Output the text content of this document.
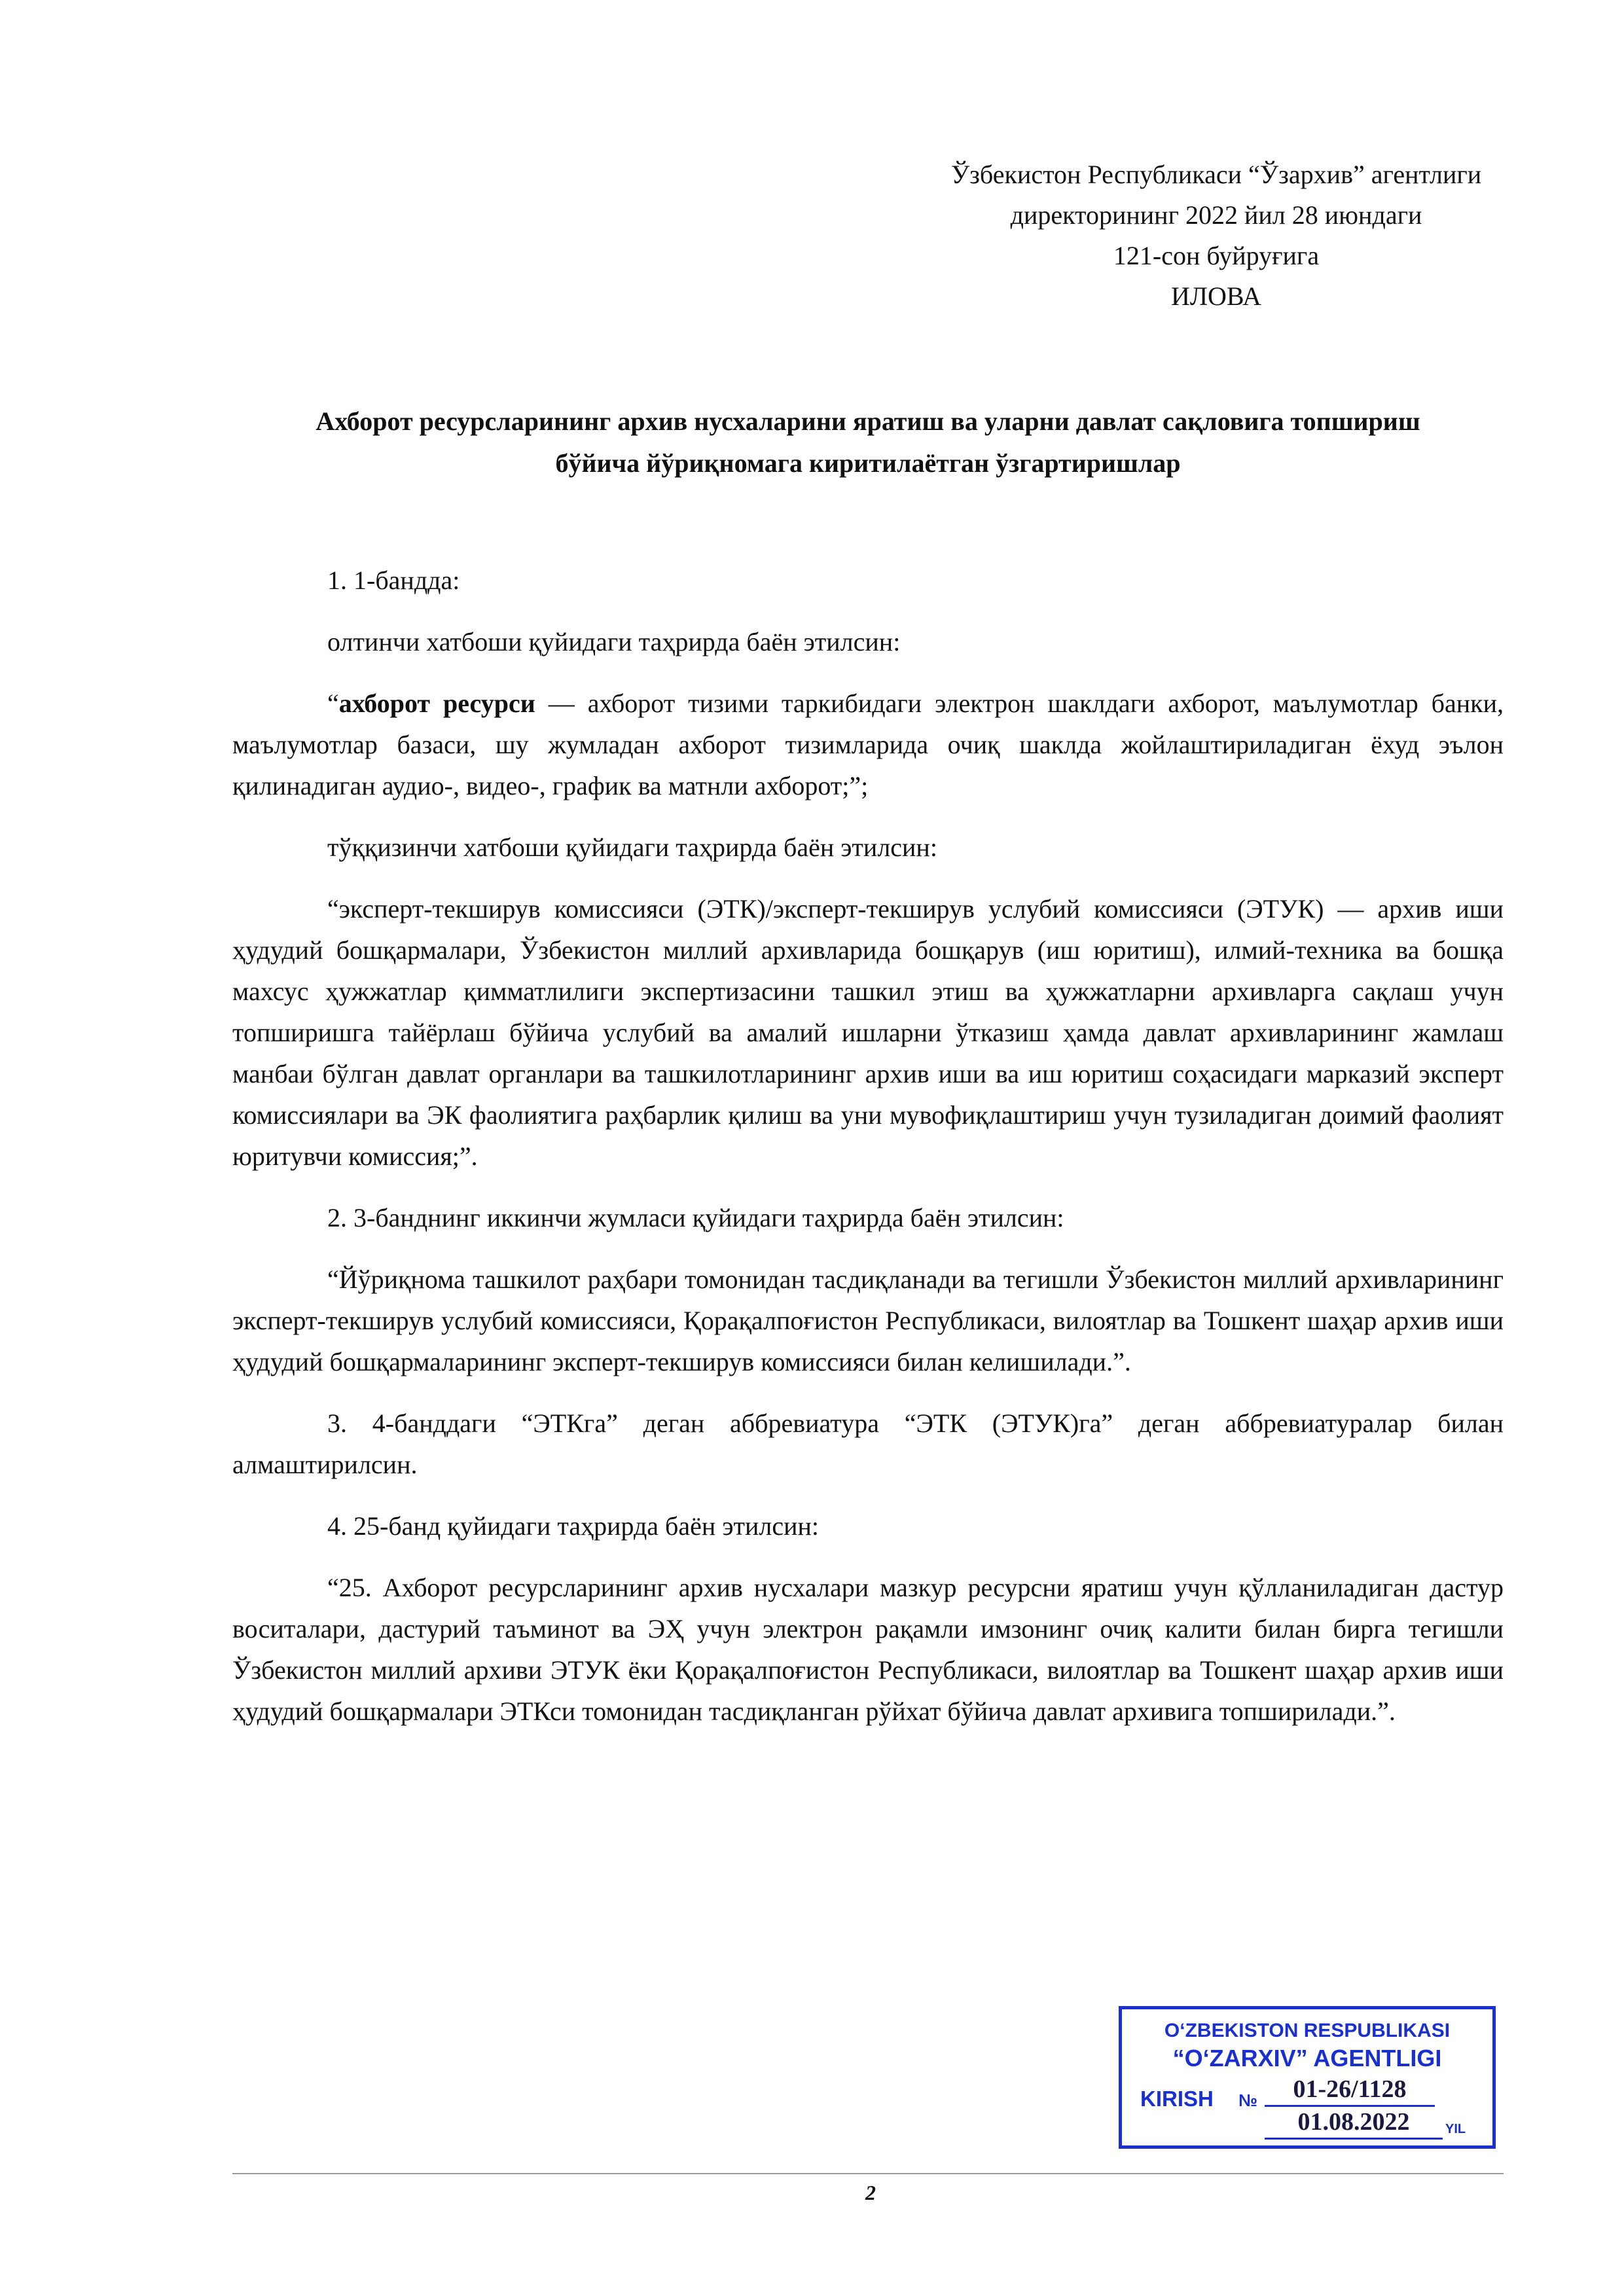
Ўзбекистон Республикаси “Ўзархив” агентлиги
директорининг 2022 йил 28 июндаги
121-сон буйруғига
ИЛОВА
Ахборот ресурсларининг архив нусхаларини яратиш ва уларни давлат сақловига топшириш
бўйича йўриқномага киритилаётган ўзгартиришлар

1. 1-бандда:

олтинчи хатбоши қуйидаги таҳрирда баён этилсин:

“ахборот ресурси — ахборот тизими таркибидаги электрон шаклдаги ахборот, маълумотлар банки, маълумотлар базаси, шу жумладан ахборот тизимларида очиқ шаклда жойлаштириладиган ёхуд эълон қилинадиган аудио-, видео-, график ва матнли ахборот;”;

тўққизинчи хатбоши қуйидаги таҳрирда баён этилсин:

“эксперт-текширув комиссияси (ЭТК)/эксперт-текширув услубий комиссияси (ЭТУК) — архив иши ҳудудий бошқармалари, Ўзбекистон миллий архивларида бошқарув (иш юритиш), илмий-техника ва бошқа махсус ҳужжатлар қимматлилиги экспертизасини ташкил этиш ва ҳужжатларни архивларга сақлаш учун топширишга тайёрлаш бўйича услубий ва амалий ишларни ўтказиш ҳамда давлат архивларининг жамлаш манбаи бўлган давлат органлари ва ташкилотларининг архив иши ва иш юритиш соҳасидаги марказий эксперт комиссиялари ва ЭК фаолиятига раҳбарлик қилиш ва уни мувофиқлаштириш учун тузиладиган доимий фаолият юритувчи комиссия;”.

2. 3-банднинг иккинчи жумласи қуйидаги таҳрирда баён этилсин:

“Йўриқнома ташкилот раҳбари томонидан тасдиқланади ва тегишли Ўзбекистон миллий архивларининг эксперт-текширув услубий комиссияси, Қорақалпоғистон Республикаси, вилоятлар ва Тошкент шаҳар архив иши ҳудудий бошқармаларининг эксперт-текширув комиссияси билан келишилади.”.

3. 4-банддаги “ЭТКга” деган аббревиатура “ЭТК (ЭТУК)га” деган аббревиатуралар билан алмаштирилсин.

4. 25-банд қуйидаги таҳрирда баён этилсин:

“25. Ахборот ресурсларининг архив нусхалари мазкур ресурсни яратиш учун қўлланиладиган дастур воситалари, дастурий таъминот ва ЭҲ учун электрон рақамли имзонинг очиқ калити билан бирга тегишли Ўзбекистон миллий архиви ЭТУК ёки Қорақалпоғистон Республикаси, вилоятлар ва Тошкент шаҳар архив иши ҳудудий бошқармалари ЭТКси томонидан тасдиқланган рўйхат бўйича давлат архивига топширилади.”.

O‘ZBEKISTON RESPUBLIKASI
“O‘ZARXIV” AGENTLIGI
KIRISH №	01-26/1128
01.08.2022	YIL
2
